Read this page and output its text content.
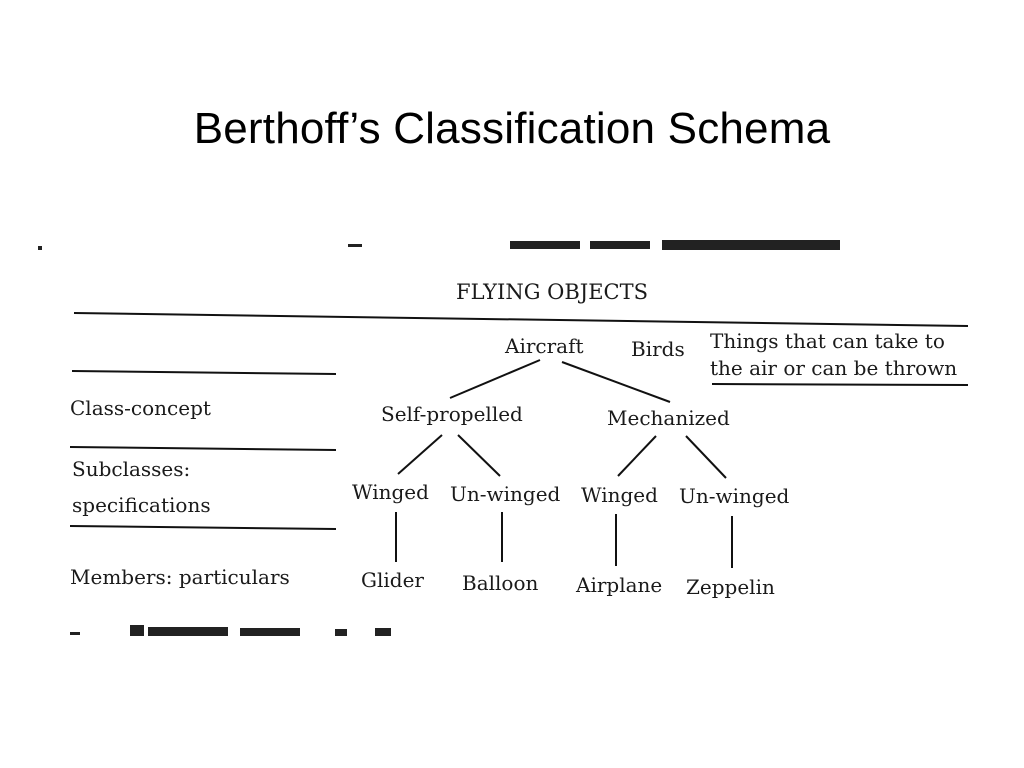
Berthoff’s Classification Schema
FLYING OBJECTS
Aircraft Birds Things that can take to
the air or can be thrown
Class-concept	Self-propelled	Mechanized
Subclasses:
specifications
Winged Un-winged Winged Un-winged
Members: particulars	Glider Balloon Airplane Zeppelin
